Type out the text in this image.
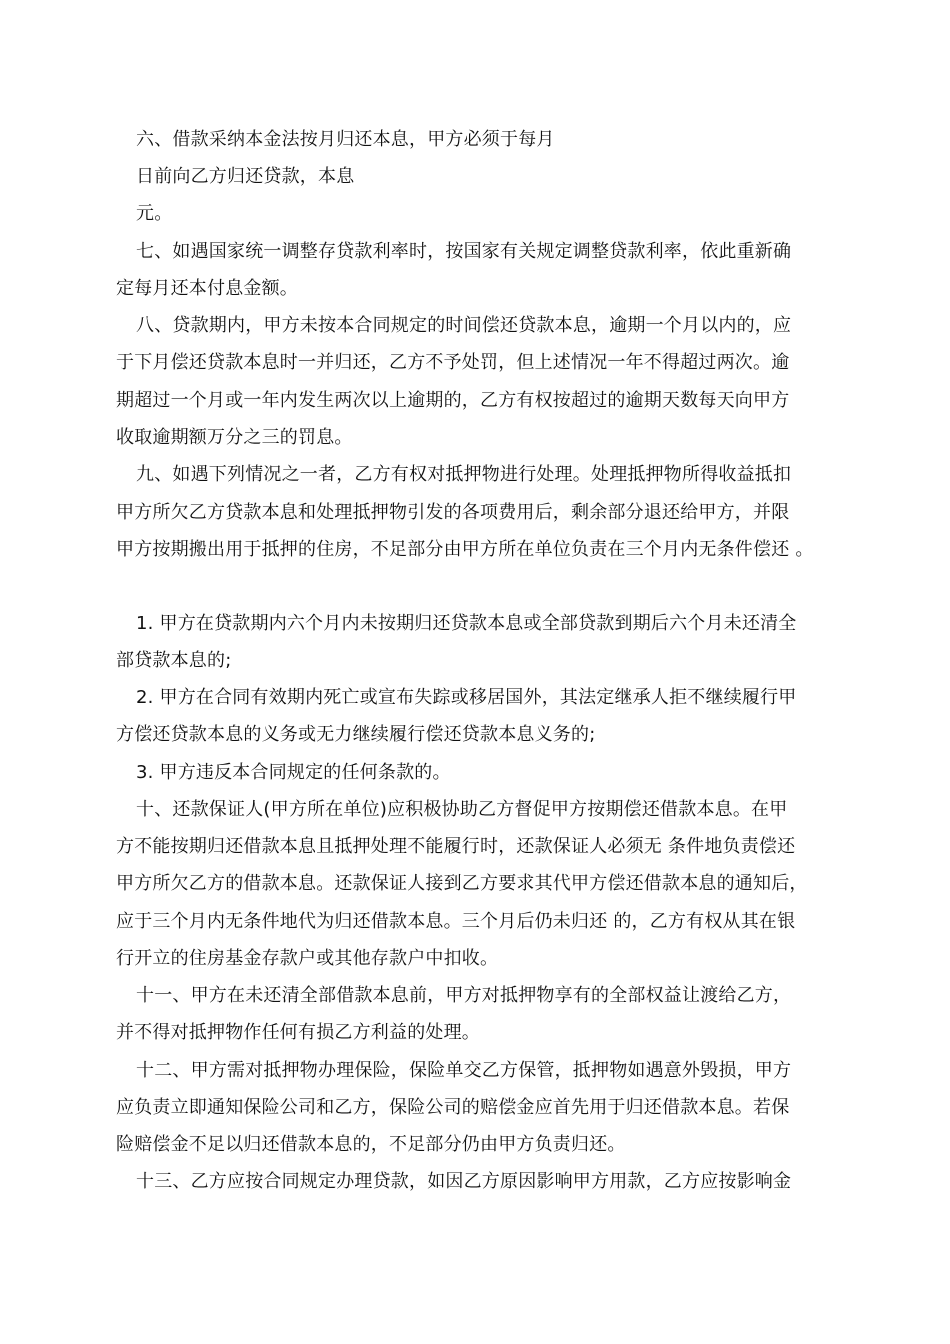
六、借款采纳本金法按月归还本息，甲方必须于每月
日前向乙方归还贷款，本息
元。
七、如遇国家统一调整存贷款利率时，按国家有关规定调整贷款利率，依此重新确
定每月还本付息金额。
八、贷款期内，甲方未按本合同规定的时间偿还贷款本息，逾期一个月以内的，应
于下月偿还贷款本息时一并归还，乙方不予处罚，但上述情况一年不得超过两次。逾
期超过一个月或一年内发生两次以上逾期的，乙方有权按超过的逾期天数每天向甲方
收取逾期额万分之三的罚息。
九、如遇下列情况之一者，乙方有权对抵押物进行处理。处理抵押物所得收益抵扣
甲方所欠乙方贷款本息和处理抵押物引发的各项费用后，剩余部分退还给甲方，并限
甲方按期搬出用于抵押的住房，不足部分由甲方所在单位负责在三个月内无条件偿还 。
1. 甲方在贷款期内六个月内未按期归还贷款本息或全部贷款到期后六个月未还清全
部贷款本息的;
2. 甲方在合同有效期内死亡或宣布失踪或移居国外，其法定继承人拒不继续履行甲
方偿还贷款本息的义务或无力继续履行偿还贷款本息义务的;
3. 甲方违反本合同规定的任何条款的。
十、还款保证人(甲方所在单位)应积极协助乙方督促甲方按期偿还借款本息。在甲
方不能按期归还借款本息且抵押处理不能履行时，还款保证人必须无 条件地负责偿还
甲方所欠乙方的借款本息。还款保证人接到乙方要求其代甲方偿还借款本息的通知后，
应于三个月内无条件地代为归还借款本息。三个月后仍未归还 的，乙方有权从其在银
行开立的住房基金存款户或其他存款户中扣收。
十一、甲方在未还清全部借款本息前，甲方对抵押物享有的全部权益让渡给乙方，
并不得对抵押物作任何有损乙方利益的处理。
十二、甲方需对抵押物办理保险，保险单交乙方保管，抵押物如遇意外毁损，甲方
应负责立即通知保险公司和乙方，保险公司的赔偿金应首先用于归还借款本息。若保
险赔偿金不足以归还借款本息的，不足部分仍由甲方负责归还。
十三、乙方应按合同规定办理贷款，如因乙方原因影响甲方用款，乙方应按影响金
